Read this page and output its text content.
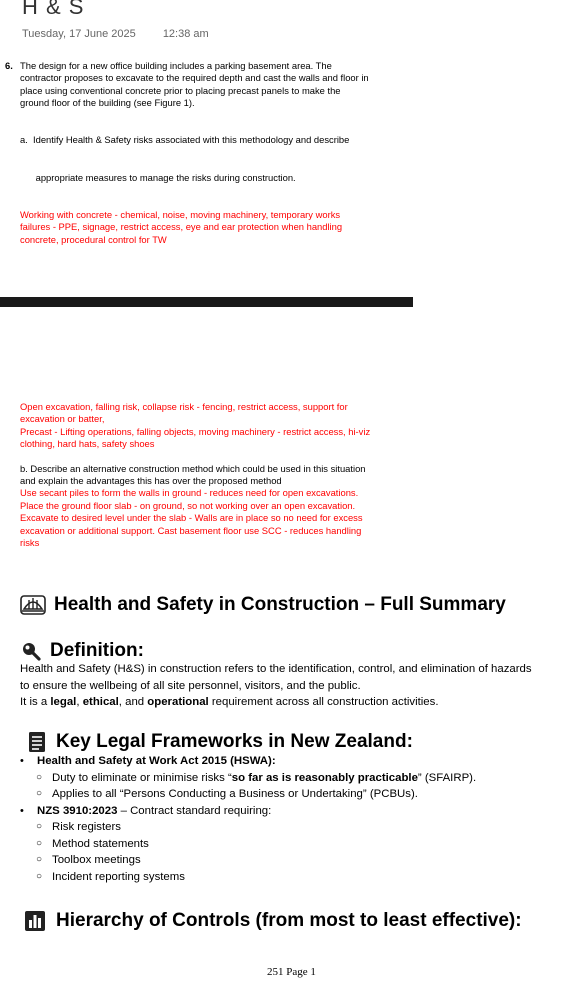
H & S
Tuesday, 17 June 2025 12:38 am
6. The design for a new office building includes a parking basement area. The
contractor proposes to excavate to the required depth and cast the walls and floor in
place using conventional concrete prior to placing precast panels to make the
ground floor of the building (see Figure 1).

a.  Identify Health & Safety risks associated with this methodology and describe

appropriate measures to manage the risks during construction.

Working with concrete - chemical, noise, moving machinery, temporary works
failures - PPE, signage, restrict access, eye and ear protection when handling
concrete, procedural control for TW
Open excavation, falling risk, collapse risk - fencing, restrict access, support for
excavation or batter,
Precast - Lifting operations, falling objects, moving machinery - restrict access, hi-viz
clothing, hard hats, safety shoes
b. Describe an alternative construction method which could be used in this situation
and explain the advantages this has over the proposed method
Use secant piles to form the walls in ground - reduces need for open excavations.
Place the ground floor slab - on ground, so not working over an open excavation.
Excavate to desired level under the slab - Walls are in place so no need for excess
excavation or additional support. Cast basement floor use SCC - reduces handling
risks
Health and Safety in Construction – Full Summary
Definition:
Health and Safety (H&S) in construction refers to the identification, control, and elimination of hazards
to ensure the wellbeing of all site personnel, visitors, and the public.
It is a legal, ethical, and operational requirement across all construction activities.
Key Legal Frameworks in New Zealand:
• Health and Safety at Work Act 2015 (HSWA):
○ Duty to eliminate or minimise risks “so far as is reasonably practicable” (SFAIRP).
○ Applies to all “Persons Conducting a Business or Undertaking” (PCBUs).
• NZS 3910:2023 – Contract standard requiring:
○ Risk registers
○ Method statements
○ Toolbox meetings
○ Incident reporting systems
Hierarchy of Controls (from most to least effective):
251 Page 1
